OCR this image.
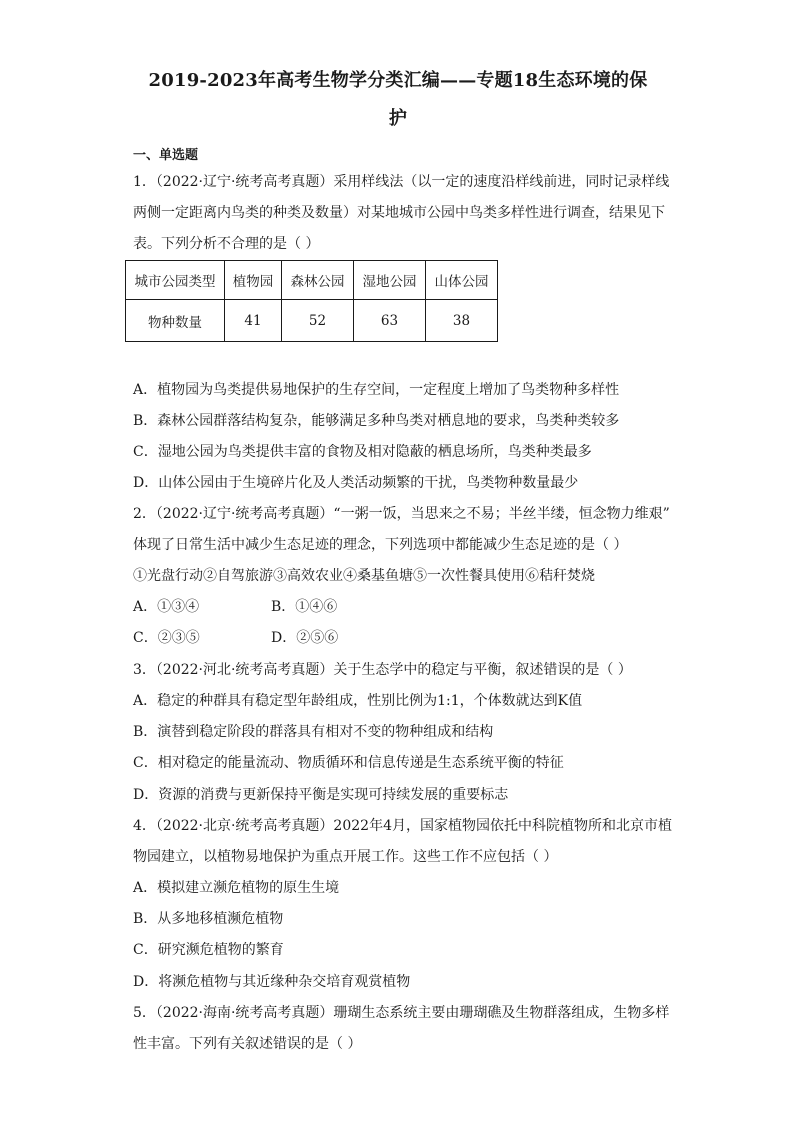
2019-2023年高考生物学分类汇编——专题18生态环境的保
护
一、单选题
1．（2022·辽宁·统考高考真题）采用样线法（以一定的速度沿样线前进，同时记录样线
两侧一定距离内鸟类的种类及数量）对某地城市公园中鸟类多样性进行调查，结果见下
表。下列分析不合理的是（ ）
城市公园类型	植物园	森林公园	湿地公园	山体公园
物种数量	41	52	63	38
A．植物园为鸟类提供易地保护的生存空间，一定程度上增加了鸟类物种多样性
B．森林公园群落结构复杂，能够满足多种鸟类对栖息地的要求，鸟类种类较多
C．湿地公园为鸟类提供丰富的食物及相对隐蔽的栖息场所，鸟类种类最多
D．山体公园由于生境碎片化及人类活动频繁的干扰，鸟类物种数量最少
2．（2022·辽宁·统考高考真题）“一粥一饭，当思来之不易；半丝半缕，恒念物力维艰”
体现了日常生活中减少生态足迹的理念，下列选项中都能减少生态足迹的是（ ）
①光盘行动②自驾旅游③高效农业④桑基鱼塘⑤一次性餐具使用⑥秸秆焚烧
A．①③④	B．①④⑥
C．②③⑤	D．②⑤⑥
3．（2022·河北·统考高考真题）关于生态学中的稳定与平衡，叙述错误的是（ ）
A．稳定的种群具有稳定型年龄组成，性别比例为1:1，个体数就达到K值
B．演替到稳定阶段的群落具有相对不变的物种组成和结构
C．相对稳定的能量流动、物质循环和信息传递是生态系统平衡的特征
D．资源的消费与更新保持平衡是实现可持续发展的重要标志
4．（2022·北京·统考高考真题）2022年4月，国家植物园依托中科院植物所和北京市植
物园建立，以植物易地保护为重点开展工作。这些工作不应包括（ ）
A．模拟建立濒危植物的原生生境
B．从多地移植濒危植物
C．研究濒危植物的繁育
D．将濒危植物与其近缘种杂交培育观赏植物
5．（2022·海南·统考高考真题）珊瑚生态系统主要由珊瑚礁及生物群落组成，生物多样
性丰富。下列有关叙述错误的是（ ）
